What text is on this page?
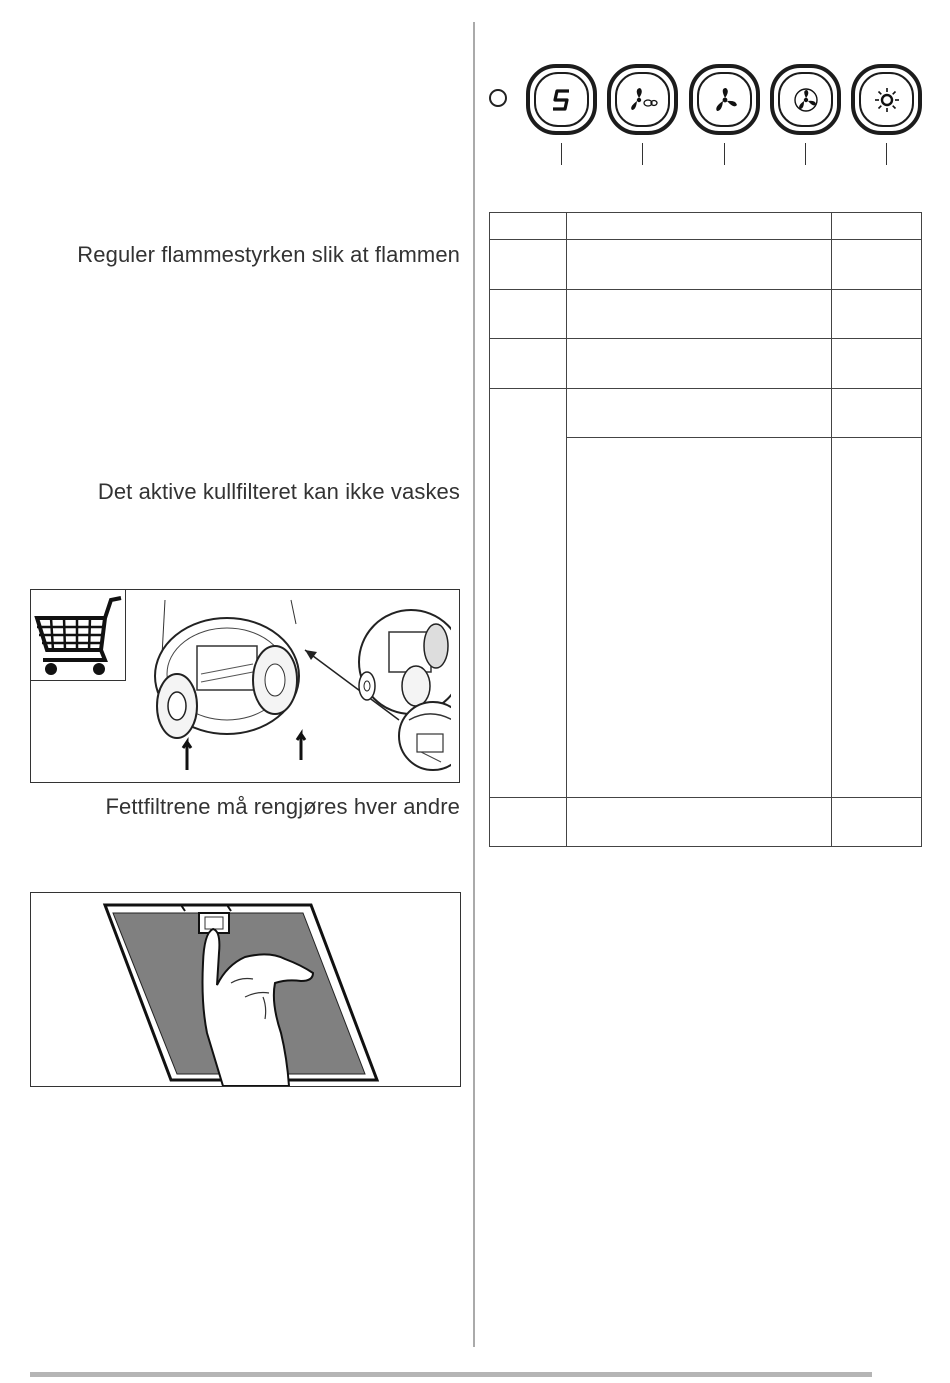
Reguler flammestyrken slik at flammen
Det aktive kullfilteret kan ikke vaskes
Fettfiltrene må rengjøres hver andre
